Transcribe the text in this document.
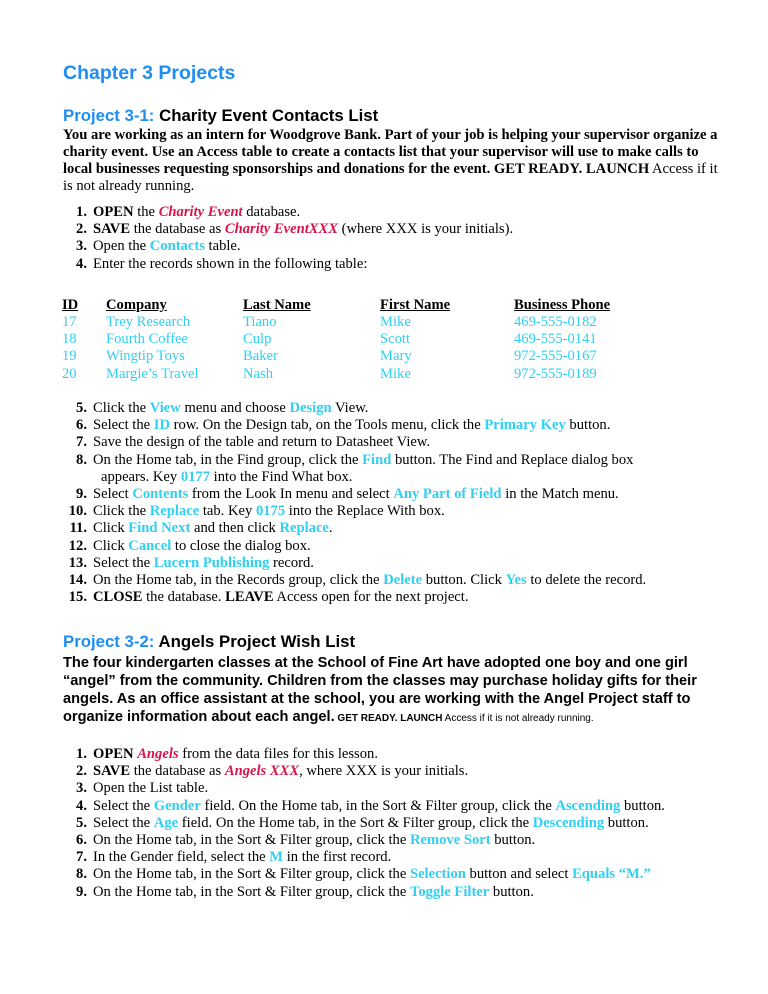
Chapter 3 Projects
Project 3-1: Charity Event Contacts List

You are working as an intern for Woodgrove Bank. Part of your job is helping your supervisor organize a charity event. Use an Access table to create a contacts list that your supervisor will use to make calls to local businesses requesting sponsorships and donations for the event. GET READY. LAUNCH Access if it is not already running.

1. OPEN the Charity Event database.
2. SAVE the database as Charity EventXXX (where XXX is your initials).
3. Open the Contacts table.
4. Enter the records shown in the following table:
ID	Company	Last Name	First Name	Business Phone
17	Trey Research	Tiano	Mike	469-555-0182
18	Fourth Coffee	Culp	Scott	469-555-0141
19	Wingtip Toys	Baker	Mary	972-555-0167
20	Margie’s Travel	Nash	Mike	972-555-0189
5. Click the View menu and choose Design View.
6. Select the ID row. On the Design tab, on the Tools menu, click the Primary Key button.
7. Save the design of the table and return to Datasheet View.
8. On the Home tab, in the Find group, click the Find button. The Find and Replace dialog box
appears. Key 0177 into the Find What box.
9. Select Contents from the Look In menu and select Any Part of Field in the Match menu.
10. Click the Replace tab. Key 0175 into the Replace With box.
11. Click Find Next and then click Replace.
12. Click Cancel to close the dialog box.
13. Select the Lucern Publishing record.
14. On the Home tab, in the Records group, click the Delete button. Click Yes to delete the record.
15. CLOSE the database. LEAVE Access open for the next project.
Project 3-2: Angels Project Wish List

The four kindergarten classes at the School of Fine Art have adopted one boy and one girl “angel” from the community. Children from the classes may purchase holiday gifts for their angels. As an office assistant at the school, you are working with the Angel Project staff to organize information about each angel. GET READY. LAUNCH Access if it is not already running.

1. OPEN Angels from the data files for this lesson.
2. SAVE the database as Angels XXX, where XXX is your initials.
3. Open the List table.
4. Select the Gender field. On the Home tab, in the Sort & Filter group, click the Ascending button.
5. Select the Age field. On the Home tab, in the Sort & Filter group, click the Descending button.
6. On the Home tab, in the Sort & Filter group, click the Remove Sort button.
7. In the Gender field, select the M in the first record.
8. On the Home tab, in the Sort & Filter group, click the Selection button and select Equals “M.”
9. On the Home tab, in the Sort & Filter group, click the Toggle Filter button.
